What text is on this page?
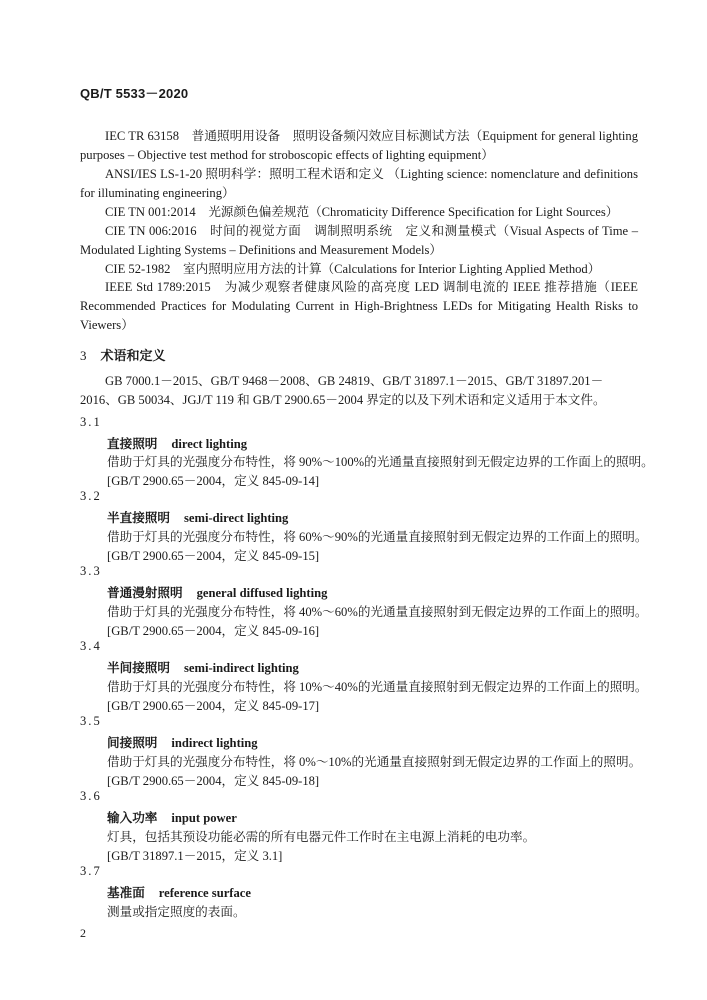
QB/T 5533－2020
IEC TR 63158　普通照明用设备　照明设备频闪效应目标测试方法（Equipment for general lighting purposes – Objective test method for stroboscopic effects of lighting equipment）
ANSI/IES LS-1-20 照明科学：照明工程术语和定义 （Lighting science: nomenclature and definitions for illuminating engineering）
CIE TN 001:2014　光源颜色偏差规范（Chromaticity Difference Specification for Light Sources）
CIE TN 006:2016　时间的视觉方面　调制照明系统　定义和测量模式（Visual Aspects of Time – Modulated Lighting Systems – Definitions and Measurement Models）
CIE 52-1982　室内照明应用方法的计算（Calculations for Interior Lighting Applied Method）
IEEE Std 1789:2015　为减少观察者健康风险的高亮度 LED 调制电流的 IEEE 推荐措施（IEEE Recommended Practices for Modulating Current in High-Brightness LEDs for Mitigating Health Risks to Viewers）
3 术语和定义
GB 7000.1－2015、GB/T 9468－2008、GB 24819、GB/T 31897.1－2015、GB/T 31897.201－2016、GB 50034、JGJ/T 119 和 GB/T 2900.65－2004 界定的以及下列术语和定义适用于本文件。
3.1
直接照明 direct lighting
借助于灯具的光强度分布特性，将 90%～100%的光通量直接照射到无假定边界的工作面上的照明。
[GB/T 2900.65－2004，定义 845-09-14]
3.2
半直接照明 semi-direct lighting
借助于灯具的光强度分布特性，将 60%～90%的光通量直接照射到无假定边界的工作面上的照明。
[GB/T 2900.65－2004，定义 845-09-15]
3.3
普通漫射照明 general diffused lighting
借助于灯具的光强度分布特性，将 40%～60%的光通量直接照射到无假定边界的工作面上的照明。
[GB/T 2900.65－2004，定义 845-09-16]
3.4
半间接照明 semi-indirect lighting
借助于灯具的光强度分布特性，将 10%～40%的光通量直接照射到无假定边界的工作面上的照明。
[GB/T 2900.65－2004，定义 845-09-17]
3.5
间接照明 indirect lighting
借助于灯具的光强度分布特性，将 0%～10%的光通量直接照射到无假定边界的工作面上的照明。
[GB/T 2900.65－2004，定义 845-09-18]
3.6
输入功率 input power
灯具，包括其预设功能必需的所有电器元件工作时在主电源上消耗的电功率。
[GB/T 31897.1－2015，定义 3.1]
3.7
基准面 reference surface
测量或指定照度的表面。
2
